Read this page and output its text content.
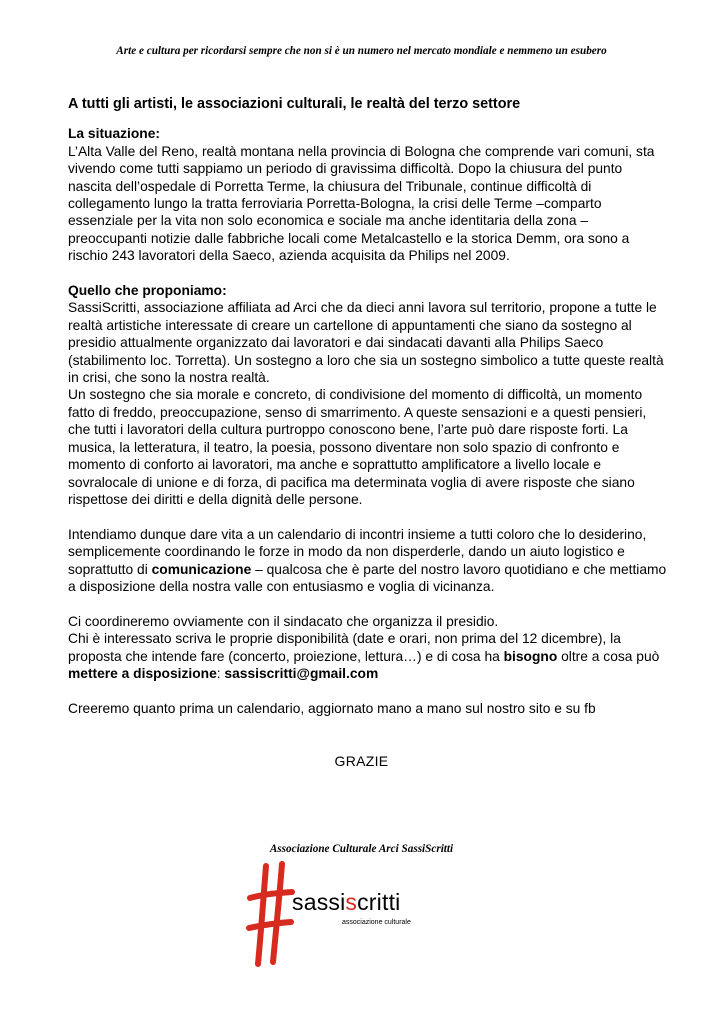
Arte e cultura per ricordarsi sempre che non si è un numero nel mercato mondiale e nemmeno un esubero

A tutti gli artisti, le associazioni culturali, le realtà del terzo settore

La situazione:

L’Alta Valle del Reno, realtà montana nella provincia di Bologna che comprende vari comuni, sta vivendo come tutti sappiamo un periodo di gravissima difficoltà. Dopo la chiusura del punto nascita dell’ospedale di Porretta Terme, la chiusura del Tribunale, continue difficoltà di collegamento lungo la tratta ferroviaria Porretta-Bologna, la crisi delle Terme –comparto essenziale per la vita non solo economica e sociale ma anche identitaria della zona – preoccupanti notizie dalle fabbriche locali come Metalcastello e la storica Demm, ora sono a rischio 243 lavoratori della Saeco, azienda acquisita da Philips nel 2009.

Quello che proponiamo:

SassiScritti, associazione affiliata ad Arci che da dieci anni lavora sul territorio, propone a tutte le realtà artistiche interessate di creare un cartellone di appuntamenti che siano da sostegno al presidio attualmente organizzato dai lavoratori e dai sindacati davanti alla Philips Saeco (stabilimento loc. Torretta). Un sostegno a loro che sia un sostegno simbolico a tutte queste realtà in crisi, che sono la nostra realtà.

Un sostegno che sia morale e concreto, di condivisione del momento di difficoltà, un momento fatto di freddo, preoccupazione, senso di smarrimento. A queste sensazioni e a questi pensieri, che tutti i lavoratori della cultura purtroppo conoscono bene, l’arte può dare risposte forti. La musica, la letteratura, il teatro, la poesia, possono diventare non solo spazio di confronto e momento di conforto ai lavoratori, ma anche e soprattutto amplificatore a livello locale e sovralocale di unione e di forza, di pacifica ma determinata voglia di avere risposte che siano rispettose dei diritti e della dignità delle persone.

Intendiamo dunque dare vita a un calendario di incontri insieme a tutti coloro che lo desiderino, semplicemente coordinando le forze in modo da non disperderle, dando un aiuto logistico e soprattutto di comunicazione – qualcosa che è parte del nostro lavoro quotidiano e che mettiamo a disposizione della nostra valle con entusiasmo e voglia di vicinanza.

Ci coordineremo ovviamente con il sindacato che organizza il presidio.

Chi è interessato scriva le proprie disponibilità (date e orari, non prima del 12 dicembre), la proposta che intende fare (concerto, proiezione, lettura…) e di cosa ha bisogno oltre a cosa può mettere a disposizione: sassiscritti@gmail.com

Creeremo quanto prima un calendario, aggiornato mano a mano sul nostro sito e su fb

GRAZIE
Associazione Culturale Arci SassiScritti
sassiscritti
associazione culturale
